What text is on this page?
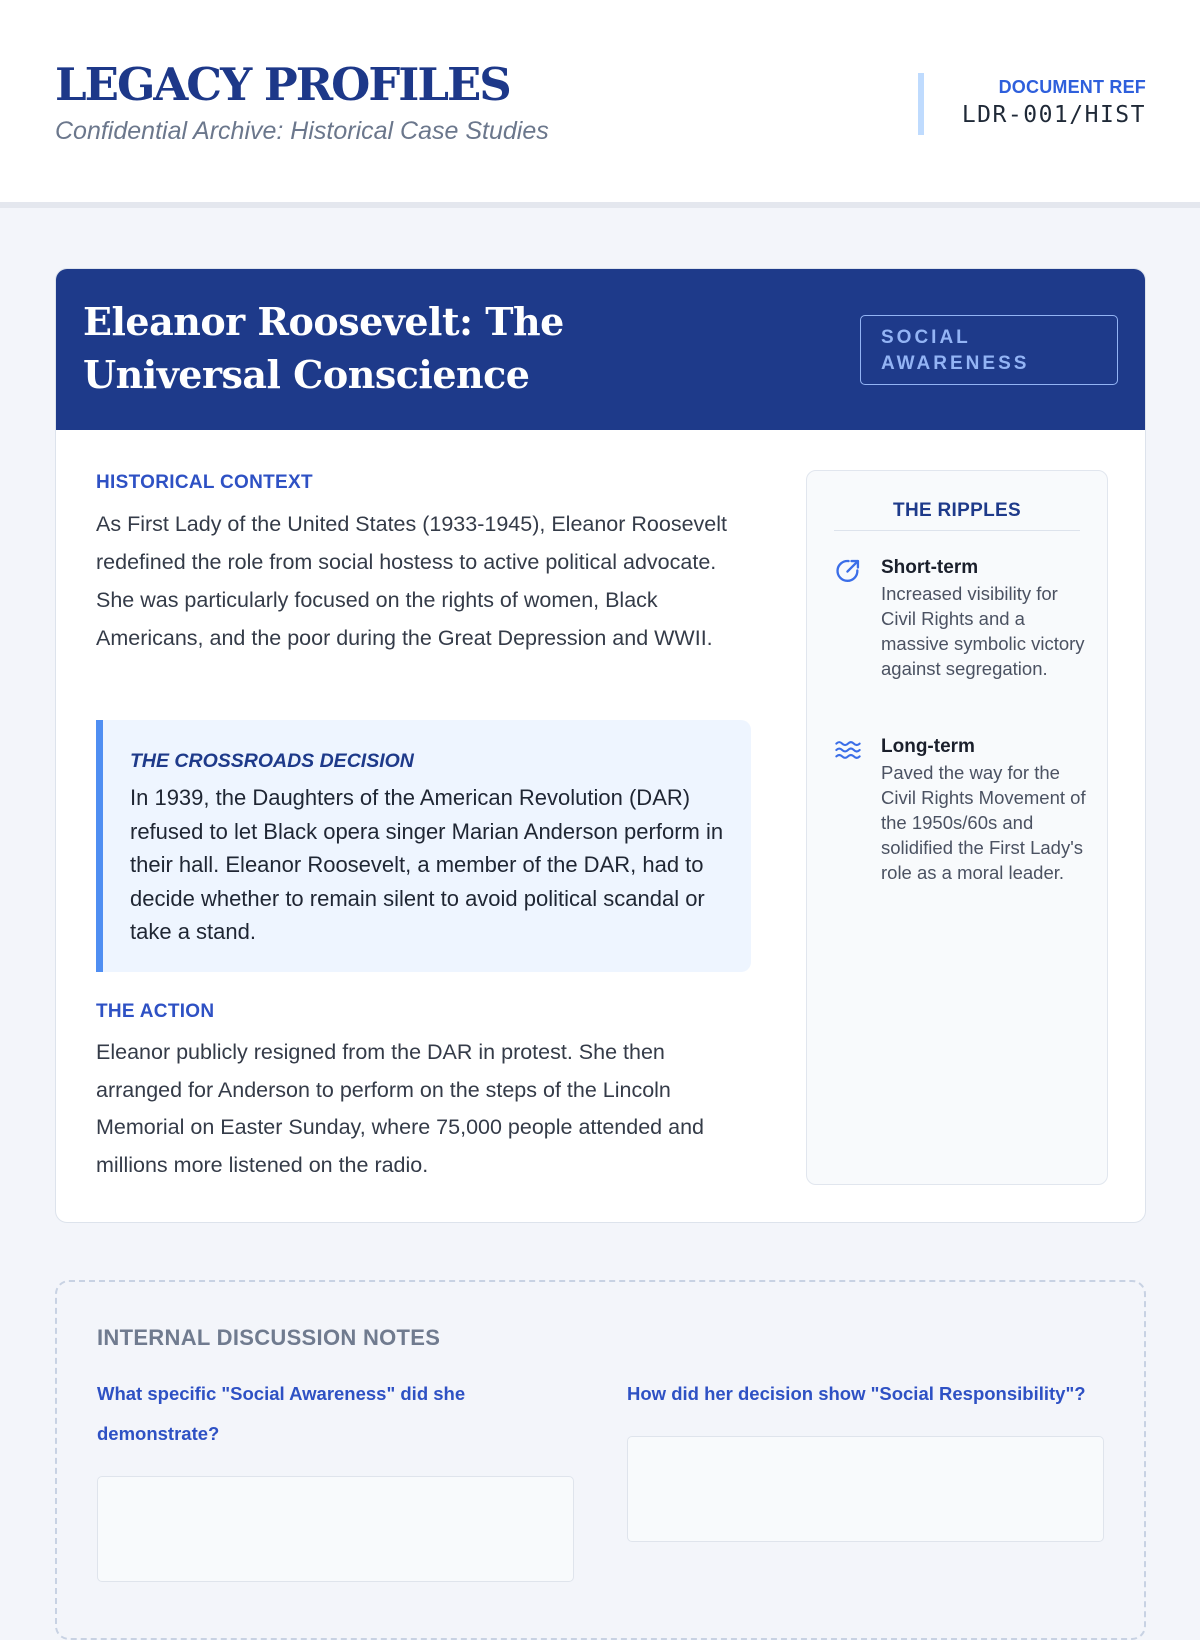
LEGACY PROFILES
Confidential Archive: Historical Case Studies
DOCUMENT REF
LDR-001/HIST
Eleanor Roosevelt: The Universal Conscience
SOCIAL AWARENESS
HISTORICAL CONTEXT

As First Lady of the United States (1933-1945), Eleanor Roosevelt redefined the role from social hostess to active political advocate. She was particularly focused on the rights of women, Black Americans, and the poor during the Great Depression and WWII.

THE CROSSROADS DECISION

In 1939, the Daughters of the American Revolution (DAR) refused to let Black opera singer Marian Anderson perform in their hall. Eleanor Roosevelt, a member of the DAR, had to decide whether to remain silent to avoid political scandal or take a stand.

THE ACTION

Eleanor publicly resigned from the DAR in protest. She then arranged for Anderson to perform on the steps of the Lincoln Memorial on Easter Sunday, where 75,000 people attended and millions more listened on the radio.

THE RIPPLES
Short-term
Increased visibility for Civil Rights and a massive symbolic victory against segregation.
Long-term
Paved the way for the Civil Rights Movement of the 1950s/60s and solidified the First Lady's role as a moral leader.
INTERNAL DISCUSSION NOTES
What specific "Social Awareness" did she demonstrate?
How did her decision show "Social Responsibility"?
